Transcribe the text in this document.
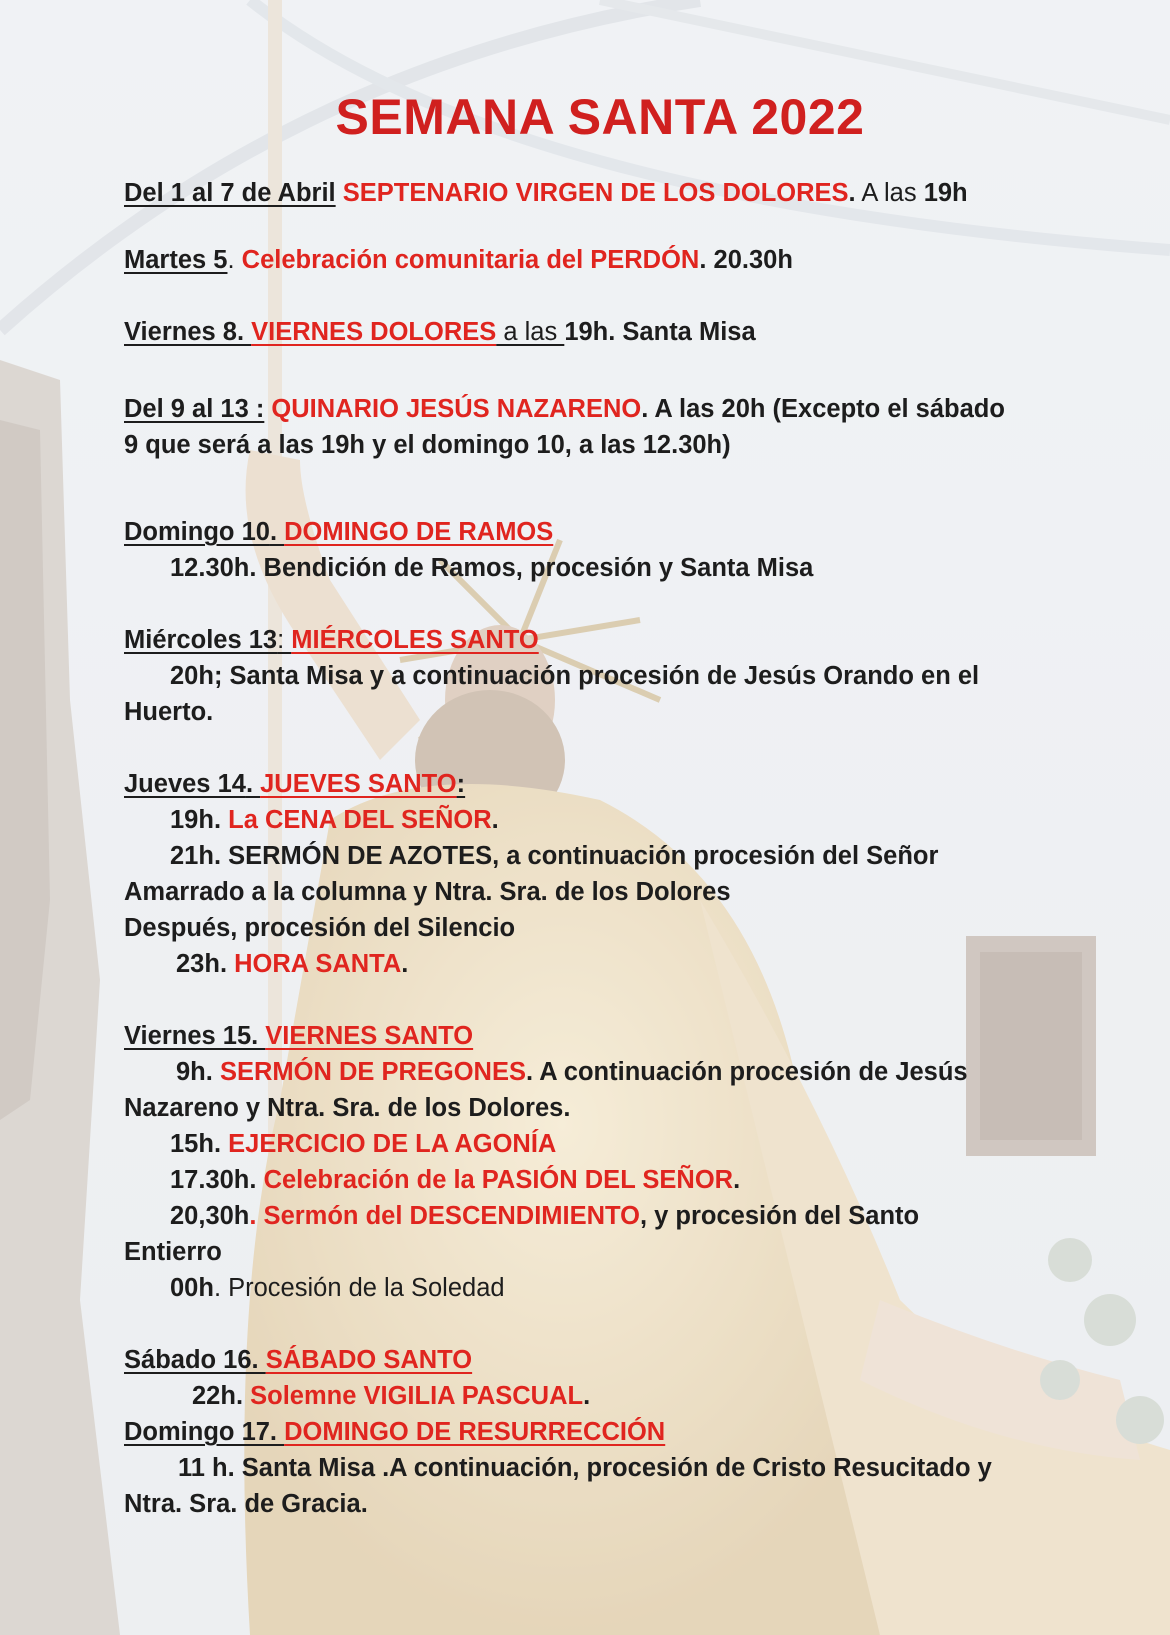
SEMANA SANTA 2022

Del 1 al 7 de Abril SEPTENARIO VIRGEN DE LOS DOLORES. A las 19h

Martes 5. Celebración comunitaria del PERDÓN. 20.30h

Viernes 8. VIERNES DOLORES a las 19h. Santa Misa

Del 9 al 13 : QUINARIO JESÚS NAZARENO. A las 20h (Excepto el sábado

9 que será a las 19h y el domingo 10, a las 12.30h)

Domingo 10. DOMINGO DE RAMOS

12.30h. Bendición de Ramos, procesión y Santa Misa

Miércoles 13: MIÉRCOLES SANTO

20h; Santa Misa y a continuación procesión de Jesús Orando en el

Huerto.

Jueves 14. JUEVES SANTO:

19h. La CENA DEL SEÑOR.

21h. SERMÓN DE AZOTES, a continuación procesión del Señor

Amarrado a la columna y Ntra. Sra. de los Dolores

Después, procesión del Silencio

23h. HORA SANTA.

Viernes 15. VIERNES SANTO

9h. SERMÓN DE PREGONES. A continuación procesión de Jesús

Nazareno y Ntra. Sra. de los Dolores.

15h. EJERCICIO DE LA AGONÍA

17.30h. Celebración de la PASIÓN DEL SEÑOR.

20,30h. Sermón del DESCENDIMIENTO, y procesión del Santo

Entierro

00h. Procesión de la Soledad

Sábado 16. SÁBADO SANTO

22h. Solemne VIGILIA PASCUAL.

Domingo 17. DOMINGO DE RESURRECCIÓN

11 h. Santa Misa .A continuación, procesión de Cristo Resucitado y

Ntra. Sra. de Gracia.
